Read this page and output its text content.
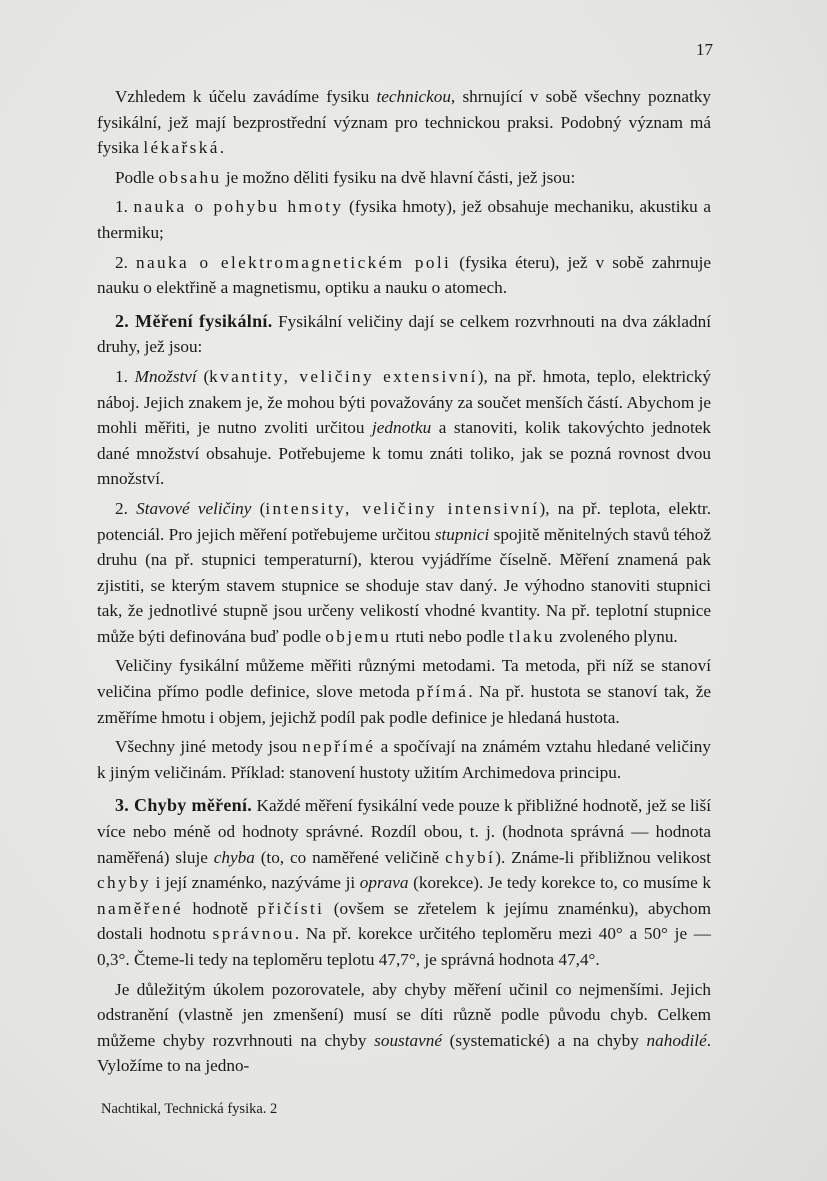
17

Vzhledem k účelu zavádíme fysiku technickou, shrnující v sobě všechny poznatky fysikální, jež mají bezprostřední význam pro technickou praksi. Podobný význam má fysika lékařská.

Podle obsahu je možno děliti fysiku na dvě hlavní části, jež jsou:

1. nauka o pohybu hmoty (fysika hmoty), jež obsahuje mechaniku, akustiku a thermiku;

2. nauka o elektromagnetickém poli (fysika éteru), jež v sobě zahrnuje nauku o elektřině a magnetismu, optiku a nauku o atomech.

2. Měření fysikální. Fysikální veličiny dají se celkem rozvrhnouti na dva základní druhy, jež jsou:

1. Množství (kvantity, veličiny extensivní), na př. hmota, teplo, elektrický náboj. Jejich znakem je, že mohou býti považovány za součet menších částí. Abychom je mohli měřiti, je nutno zvoliti určitou jednotku a stanoviti, kolik takovýchto jednotek dané množství obsahuje. Potřebujeme k tomu znáti toliko, jak se pozná rovnost dvou množství.

2. Stavové veličiny (intensity, veličiny intensivní), na př. teplota, elektr. potenciál. Pro jejich měření potřebujeme určitou stupnici spojitě měnitelných stavů téhož druhu (na př. stupnici temperaturní), kterou vyjádříme číselně. Měření znamená pak zjistiti, se kterým stavem stupnice se shoduje stav daný. Je výhodno stanoviti stupnici tak, že jednotlivé stupně jsou určeny velikostí vhodné kvantity. Na př. teplotní stupnice může býti definována buď podle objemu rtuti nebo podle tlaku zvoleného plynu.

Veličiny fysikální můžeme měřiti různými metodami. Ta metoda, při níž se stanoví veličina přímo podle definice, slove metoda přímá. Na př. hustota se stanoví tak, že změříme hmotu i objem, jejichž podíl pak podle definice je hledaná hustota.

Všechny jiné metody jsou nepřímé a spočívají na známém vztahu hledané veličiny k jiným veličinám. Příklad: stanovení hustoty užitím Archimedova principu.

3. Chyby měření. Každé měření fysikální vede pouze k přibližné hodnotě, jež se liší více nebo méně od hodnoty správné. Rozdíl obou, t. j. (hodnota správná — hodnota naměřená) sluje chyba (to, co naměřené veličině chybí). Známe-li přibližnou velikost chyby i její znaménko, nazýváme ji oprava (korekce). Je tedy korekce to, co musíme k naměřené hodnotě přičísti (ovšem se zřetelem k jejímu znaménku), abychom dostali hodnotu správnou. Na př. korekce určitého teploměru mezi 40° a 50° je — 0,3°. Čteme-li tedy na teploměru teplotu 47,7°, je správná hodnota 47,4°.

Je důležitým úkolem pozorovatele, aby chyby měření učinil co nejmenšími. Jejich odstranění (vlastně jen zmenšení) musí se díti různě podle původu chyb. Celkem můžeme chyby rozvrhnouti na chyby soustavné (systematické) a na chyby nahodilé. Vyložíme to na jedno-

Nachtikal, Technická fysika. 2
